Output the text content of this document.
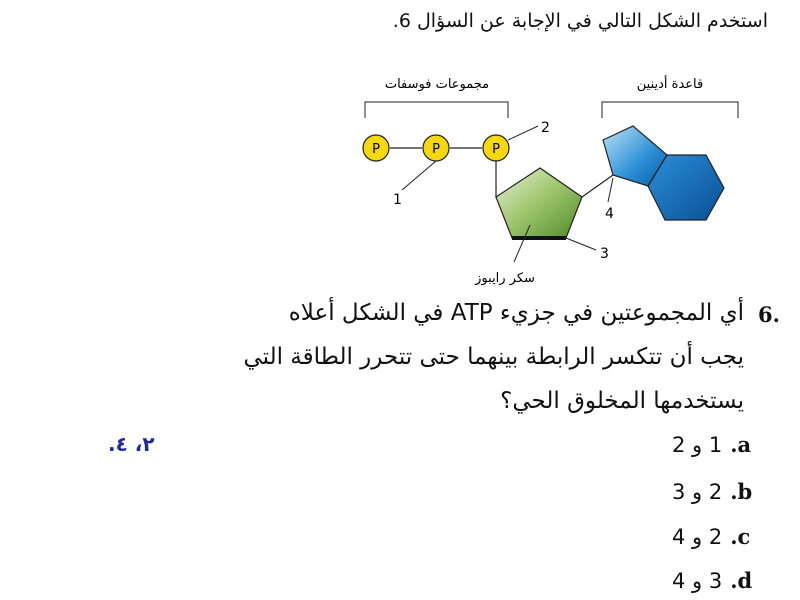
استخدم الشكل التالي في الإجابة عن السؤال 6.
مجموعات فوسفات	قاعدة أدينين
P	P	P
1
2
3
4
سكر رايبوز
6.
أي المجموعتين في جزيء ATP في الشكل أعلاه
يجب أن تتكسر الرابطة بينهما حتى تتحرر الطاقة التي
يستخدمها المخلوق الحي؟
٢، ٤.	1 و 2 .a
2 و 3 .b
2 و 4 .c
3 و 4 .d
